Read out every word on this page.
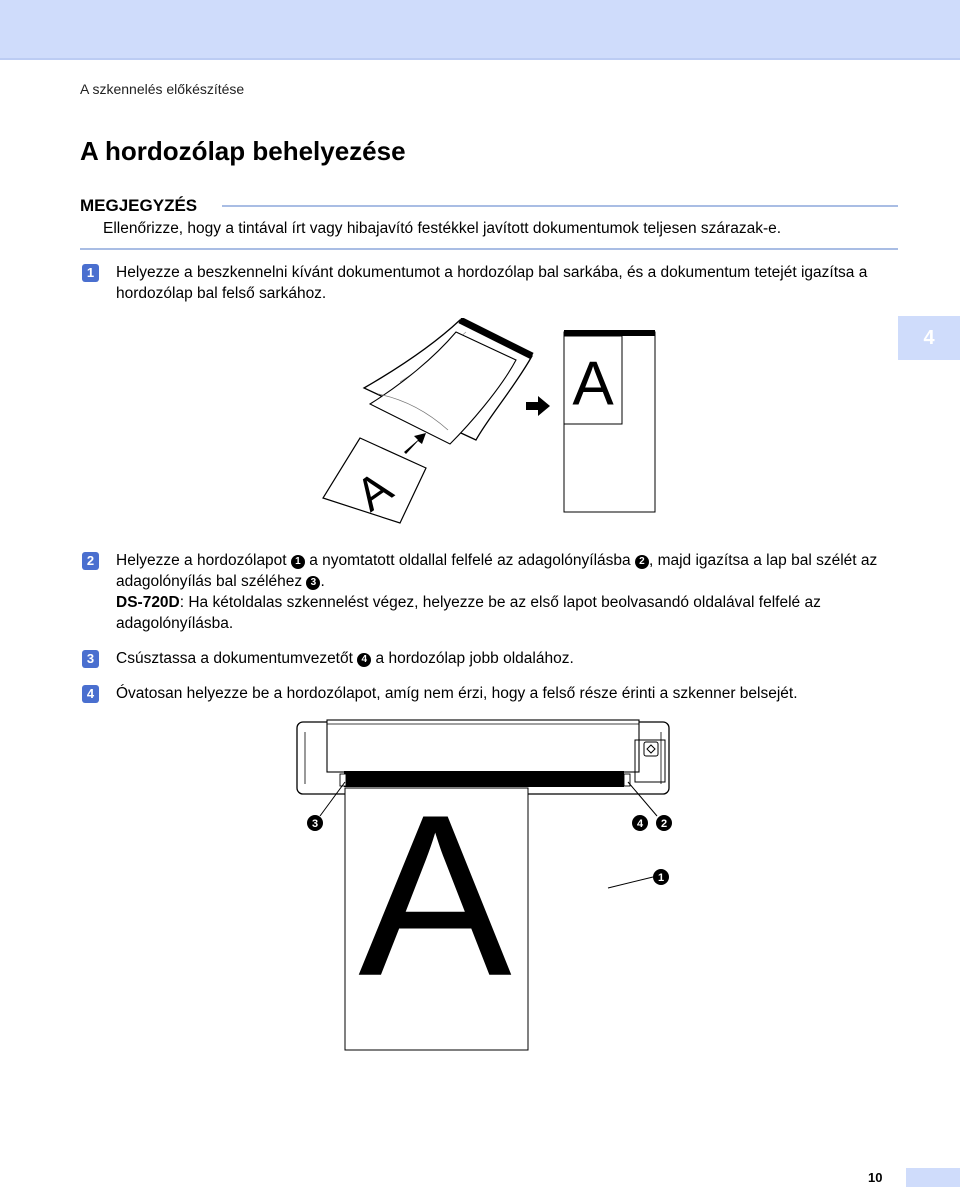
A szkennelés előkészítése
A hordozólap behelyezése
MEGJEGYZÉS
Ellenőrizze, hogy a tintával írt vagy hibajavító festékkel javított dokumentumok teljesen szárazak-e.
4
1	Helyezze a beszkennelni kívánt dokumentumot a hordozólap bal sarkába, és a dokumentum tetejét igazítsa a hordozólap bal felső sarkához.

A
A
2	Helyezze a hordozólapot 1 a nyomtatott oldallal felfelé az adagolónyílásba 2 , majd igazítsa a lap bal szélét az adagolónyílás bal széléhez 3 .

DS-720D: Ha kétoldalas szkennelést végez, helyezze be az első lapot beolvasandó oldalával felfelé az adagolónyílásba.

3	Csúsztassa a dokumentumvezetőt 4 a hordozólap jobb oldalához.

4	Óvatosan helyezze be a hordozólapot, amíg nem érzi, hogy a felső része érinti a szkenner belsejét.

A
3	4 2
1
10
